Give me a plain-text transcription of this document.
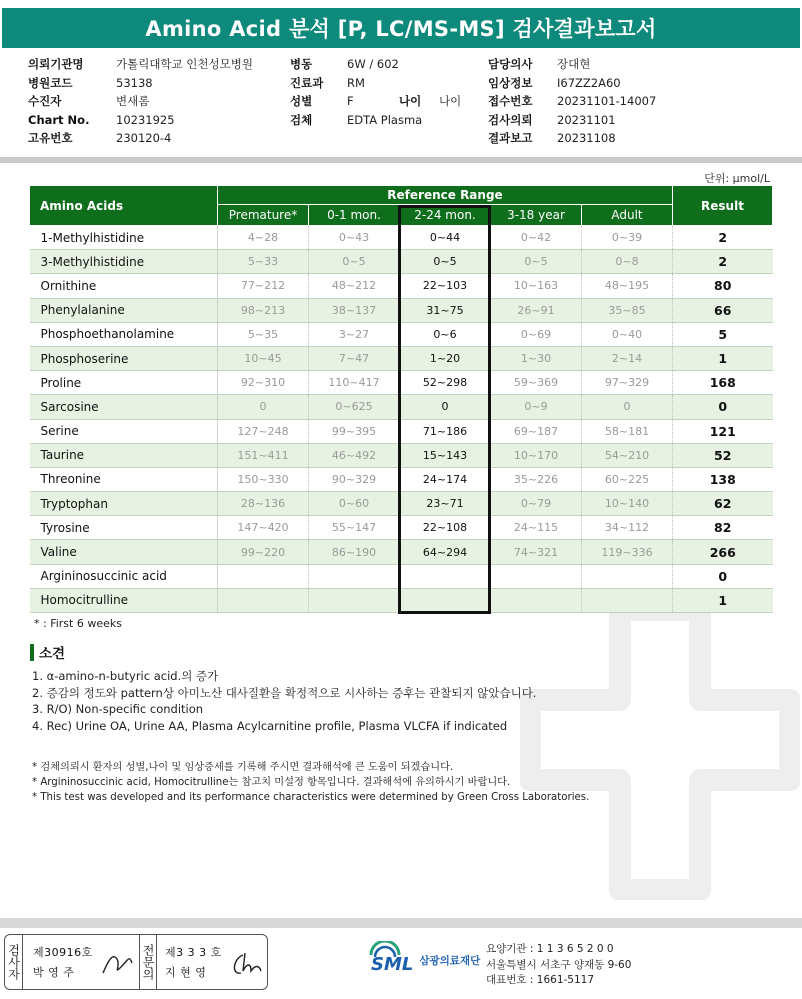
Amino Acid 분석 [P, LC/MS-MS] 검사결과보고서
의뢰기관명	가톨릭대학교 인천성모병원
병원코드	53138
수진자	변새롬
Chart No.	10231925
고유번호	230120-4
병동	6W / 602
진료과	RM
성별	F	나이	나이
검체	EDTA Plasma
담당의사	장대현
임상정보	I67ZZ2A60
접수번호	20231101-14007
검사의뢰	20231101
결과보고	20231108
단위: μmol/L
Amino Acids	Reference Range					Result
	Premature*	0-1 mon.	2-24 mon.	3-18 year	Adult	
1-Methylhistidine	4~28	0~43	0~44	0~42	0~39	2
3-Methylhistidine	5~33	0~5	0~5	0~5	0~8	2
Ornithine	77~212	48~212	22~103	10~163	48~195	80
Phenylalanine	98~213	38~137	31~75	26~91	35~85	66
Phosphoethanolamine	5~35	3~27	0~6	0~69	0~40	5
Phosphoserine	10~45	7~47	1~20	1~30	2~14	1
Proline	92~310	110~417	52~298	59~369	97~329	168
Sarcosine	0	0~625	0	0~9	0	0
Serine	127~248	99~395	71~186	69~187	58~181	121
Taurine	151~411	46~492	15~143	10~170	54~210	52
Threonine	150~330	90~329	24~174	35~226	60~225	138
Tryptophan	28~136	0~60	23~71	0~79	10~140	62
Tyrosine	147~420	55~147	22~108	24~115	34~112	82
Valine	99~220	86~190	64~294	74~321	119~336	266
Argininosuccinic acid						0
Homocitrulline						1
* : First 6 weeks
소견
1. α-amino-n-butyric acid.의 증가
2. 증감의 정도와 pattern상 아미노산 대사질환을 확정적으로 시사하는 증후는 관찰되지 않았습니다.
3. R/O) Non-specific condition
4. Rec) Urine OA, Urine AA, Plasma Acylcarnitine profile, Plasma VLCFA if indicated
* 검체의뢰시 환자의 성별,나이 및 임상증세를 기록해 주시면 결과해석에 큰 도움이 되겠습니다.
* Argininosuccinic acid, Homocitrulline는 참고치 미설정 항목입니다. 결과해석에 유의하시기 바랍니다.
* This test was developed and its performance characteristics were determined by Green Cross Laboratories.
검사자 제30916호
박 영 주	전문의 제3 3 3 호
지 현 영	SML 삼광의료재단
요양기관 : 1 1 3 6 5 2 0 0
서울특별시 서초구 양재동 9-60
대표번호 : 1661-5117
